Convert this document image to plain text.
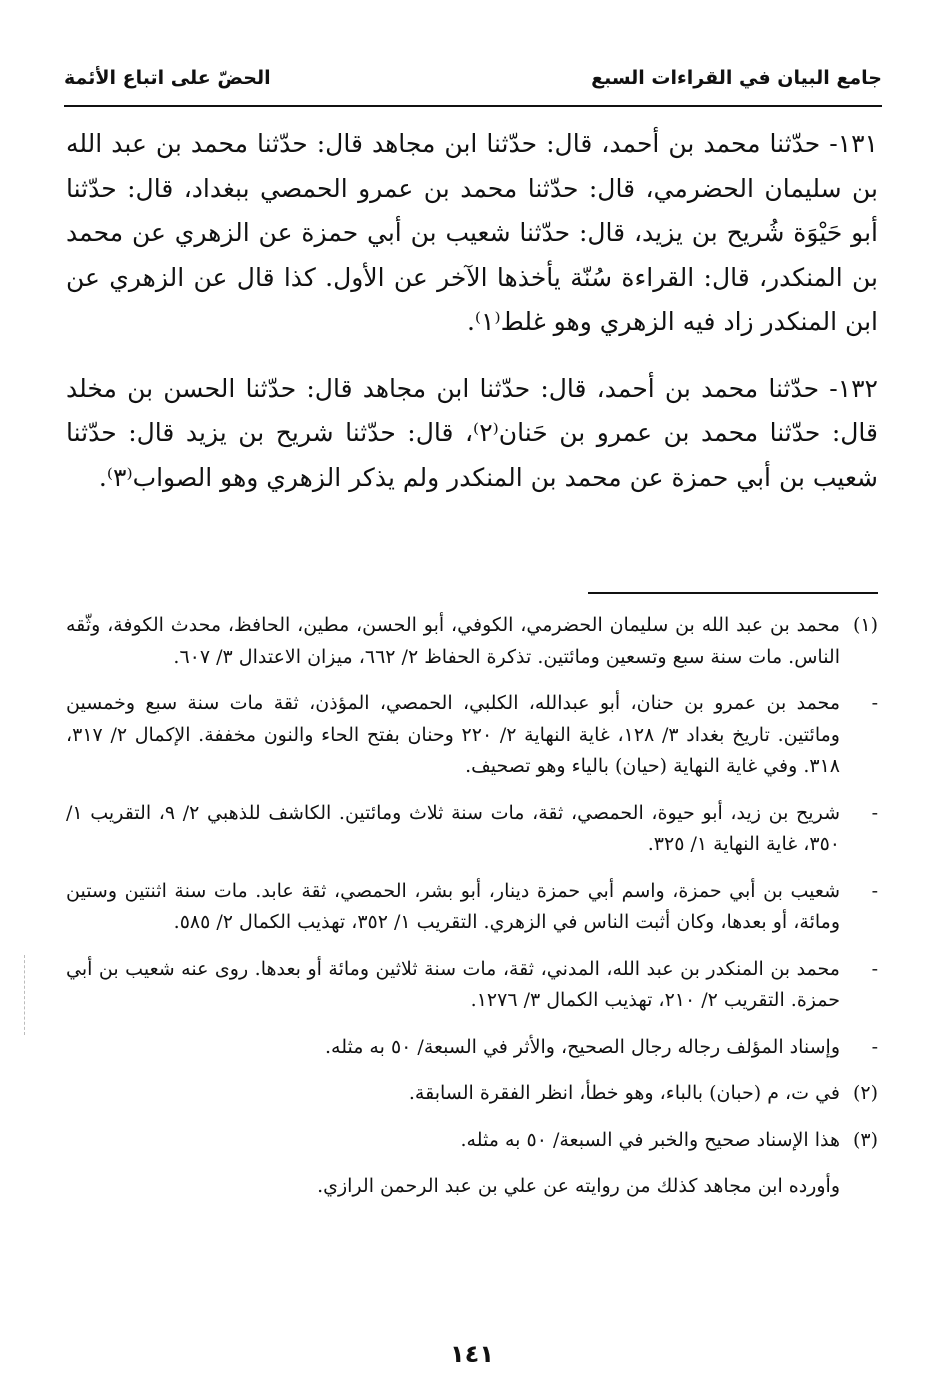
جامع البيان في القراءات السبع
الحضّ على اتباع الأئمة

١٣١- حدّثنا محمد بن أحمد، قال: حدّثنا ابن مجاهد قال: حدّثنا محمد بن عبد الله بن سليمان الحضرمي، قال: حدّثنا محمد بن عمرو الحمصي ببغداد، قال: حدّثنا أبو حَيْوَة شُريح بن يزيد، قال: حدّثنا شعيب بن أبي حمزة عن الزهري عن محمد بن المنكدر، قال: القراءة سُنّة يأخذها الآخر عن الأول. كذا قال عن الزهري عن ابن المنكدر زاد فيه الزهري وهو غلط⁽١⁾.

١٣٢- حدّثنا محمد بن أحمد، قال: حدّثنا ابن مجاهد قال: حدّثنا الحسن بن مخلد قال: حدّثنا محمد بن عمرو بن حَنان⁽٢⁾، قال: حدّثنا شريح بن يزيد قال: حدّثنا شعيب بن أبي حمزة عن محمد بن المنكدر ولم يذكر الزهري وهو الصواب⁽٣⁾.

(١)
محمد بن عبد الله بن سليمان الحضرمي، الكوفي، أبو الحسن، مطين، الحافظ، محدث الكوفة، وثّقه الناس. مات سنة سبع وتسعين ومائتين. تذكرة الحفاظ ٢/ ٦٦٢، ميزان الاعتدال ٣/ ٦٠٧.
-
محمد بن عمرو بن حنان، أبو عبدالله، الكلبي، الحمصي، المؤذن، ثقة مات سنة سبع وخمسين ومائتين. تاريخ بغداد ٣/ ١٢٨، غاية النهاية ٢/ ٢٢٠ وحنان بفتح الحاء والنون مخففة. الإكمال ٢/ ٣١٧، ٣١٨. وفي غاية النهاية (حيان) بالياء وهو تصحيف.
-
شريح بن زيد، أبو حيوة، الحمصي، ثقة، مات سنة ثلاث ومائتين. الكاشف للذهبي ٢/ ٩، التقريب ١/ ٣٥٠، غاية النهاية ١/ ٣٢٥.
-
شعيب بن أبي حمزة، واسم أبي حمزة دينار، أبو بشر، الحمصي، ثقة عابد. مات سنة اثنتين وستين ومائة، أو بعدها، وكان أثبت الناس في الزهري. التقريب ١/ ٣٥٢، تهذيب الكمال ٢/ ٥٨٥.
-
محمد بن المنكدر بن عبد الله، المدني، ثقة، مات سنة ثلاثين ومائة أو بعدها. روى عنه شعيب بن أبي حمزة. التقريب ٢/ ٢١٠، تهذيب الكمال ٣/ ١٢٧٦.
-
وإسناد المؤلف رجاله رجال الصحيح، والأثر في السبعة/ ٥٠ به مثله.
(٢)
في ت، م (حبان) بالباء، وهو خطأ، انظر الفقرة السابقة.
(٣)
هذا الإسناد صحيح والخبر في السبعة/ ٥٠ به مثله.
وأورده ابن مجاهد كذلك من روايته عن علي بن عبد الرحمن الرازي.
١٤١
